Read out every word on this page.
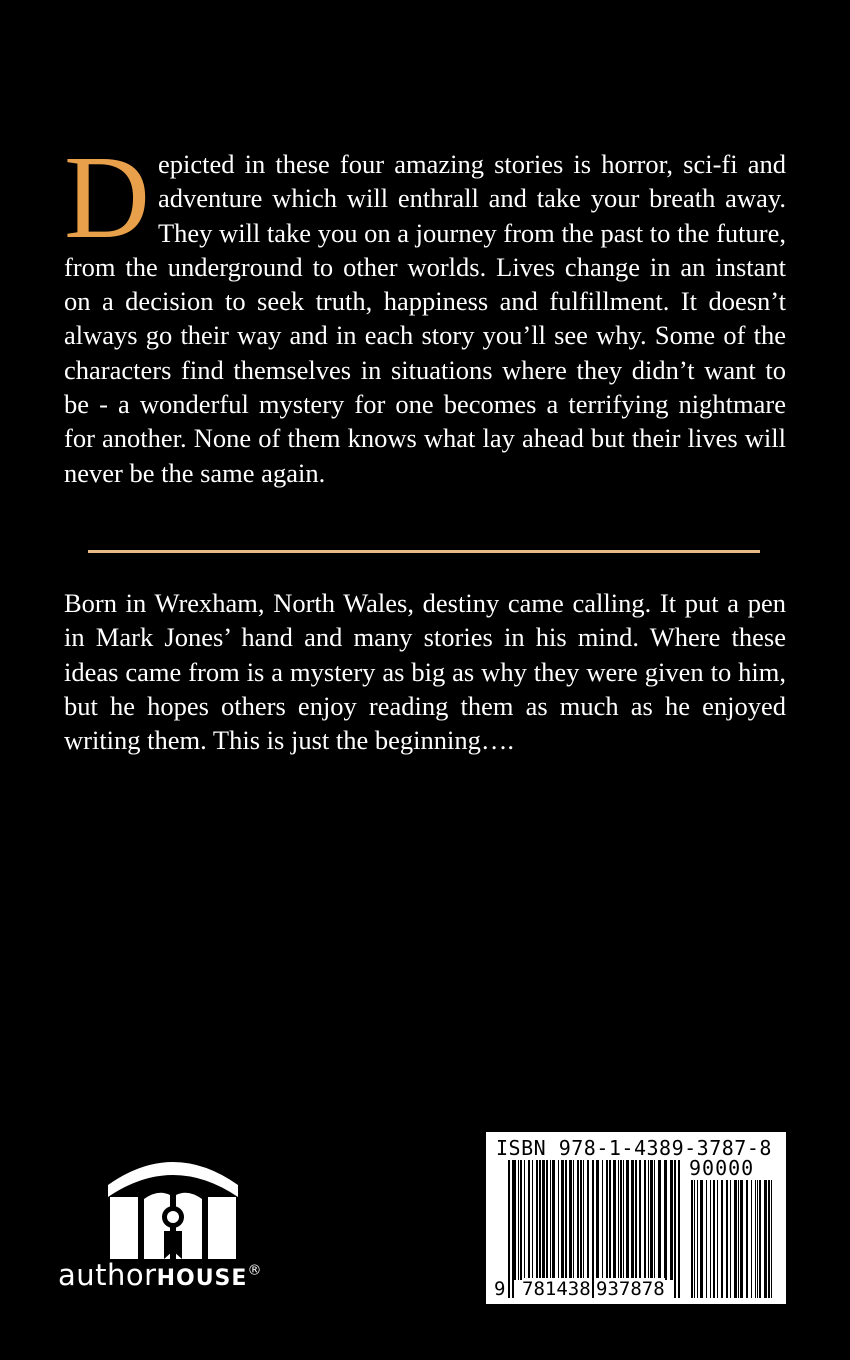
Depicted in these four amazing stories is horror, sci-fi and adventure which will enthrall and take your breath away. They will take you on a journey from the past to the future, from the underground to other worlds. Lives change in an instant on a decision to seek truth, happiness and fulfillment. It doesn’t always go their way and in each story you’ll see why. Some of the characters find themselves in situations where they didn’t want to be - a wonderful mystery for one becomes a terrifying nightmare for another. None of them knows what lay ahead but their lives will never be the same again.

Born in Wrexham, North Wales, destiny came calling. It put a pen in Mark Jones’ hand and many stories in his mind. Where these ideas came from is a mystery as big as why they were given to him, but he hopes others enjoy reading them as much as he enjoyed writing them. This is just the beginning….

authorHOUSE®
ISBN 978-1-4389-3787-8
90000
9 781438 937878
